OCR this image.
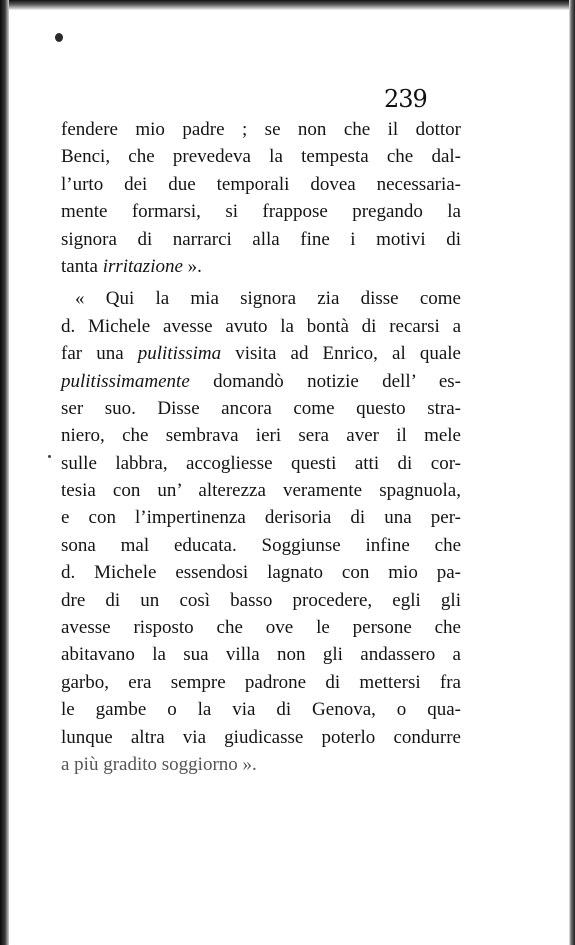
239
fendere mio padre ; se non che il dottor
Benci, che prevedeva la tempesta che dal-
l’urto dei due temporali dovea necessaria-
mente formarsi, si frappose pregando la
signora di narrarci alla fine i motivi di
tanta irritazione ».
« Qui la mia signora zia disse come
d. Michele avesse avuto la bontà di recarsi a
far una pulitissima visita ad Enrico, al quale
pulitissimamente domandò notizie dell’ es-
ser suo. Disse ancora come questo stra-
niero, che sembrava ieri sera aver il mele
sulle labbra, accogliesse questi atti di cor-
tesia con un’ alterezza veramente spagnuola,
e con l’impertinenza derisoria di una per-
sona mal educata. Soggiunse infine che
d. Michele essendosi lagnato con mio pa-
dre di un così basso procedere, egli gli
avesse risposto che ove le persone che
abitavano la sua villa non gli andassero a
garbo, era sempre padrone di mettersi fra
le gambe o la via di Genova, o qua-
lunque altra via giudicasse poterlo condurre
a più gradito soggiorno ».
